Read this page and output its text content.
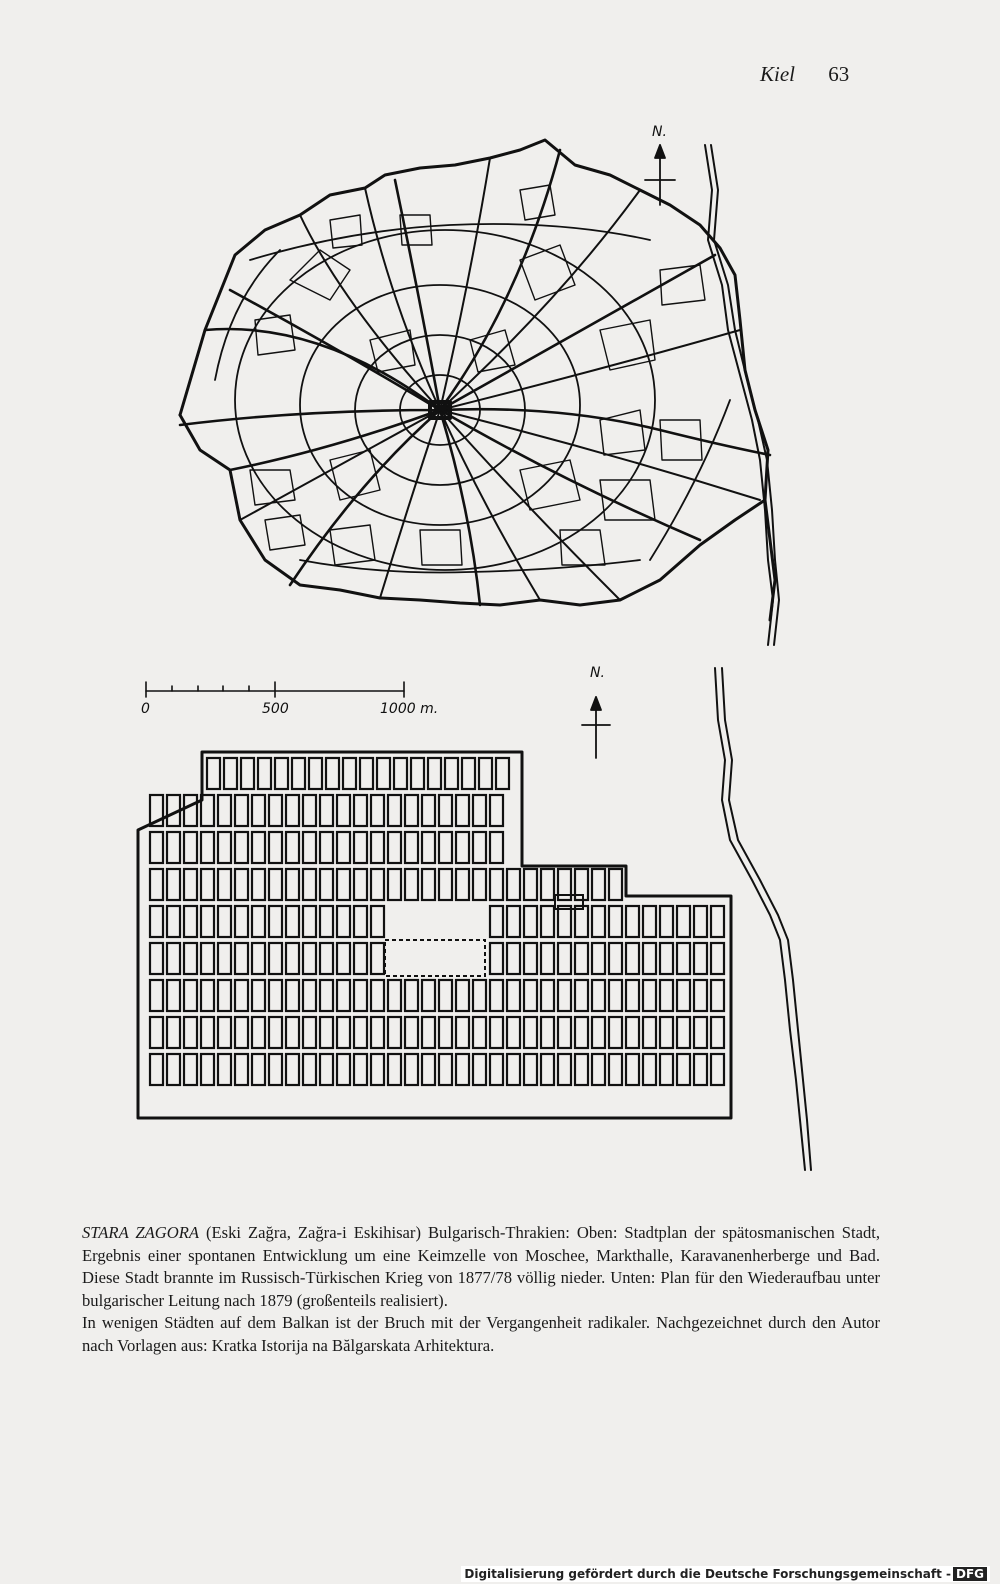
Kiel 63
N.
0	500	1000 m.
N.

STARA ZAGORA (Eski Zağra, Zağra-i Eskihisar) Bulgarisch-Thrakien: Oben: Stadtplan der spätosmanischen Stadt, Ergebnis einer spontanen Entwicklung um eine Keimzelle von Moschee, Markthalle, Karavanenherberge und Bad. Diese Stadt brannte im Russisch-Türkischen Krieg von 1877/78 völlig nieder. Unten: Plan für den Wiederaufbau unter bulgarischer Leitung nach 1879 (großenteils realisiert).

In wenigen Städten auf dem Balkan ist der Bruch mit der Vergangenheit radikaler. Nachgezeichnet durch den Autor nach Vorlagen aus: Kratka Istorija na Bălgarskata Arhitektura.

Digitalisierung gefördert durch die Deutsche Forschungsgemeinschaft - DFG
